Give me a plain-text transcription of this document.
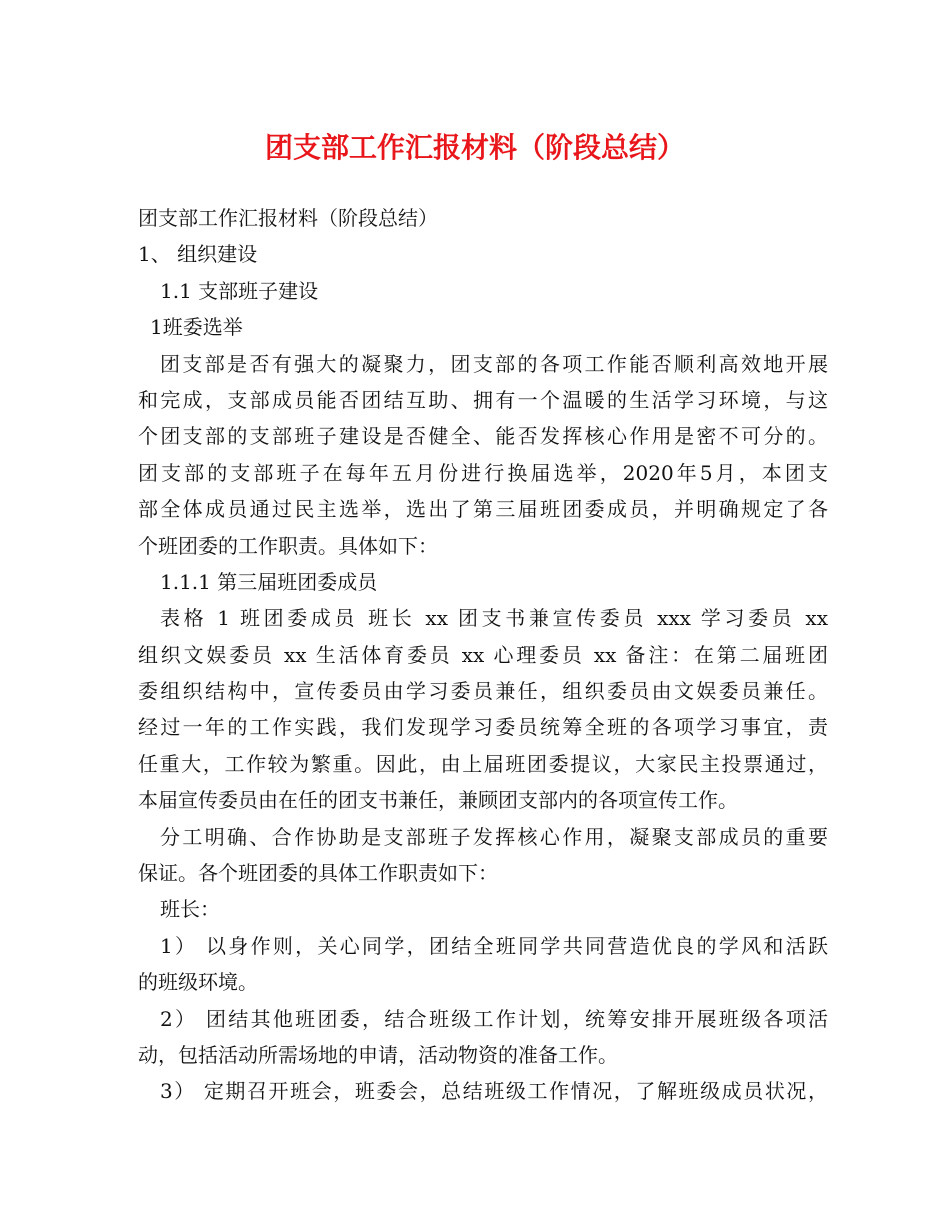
团支部工作汇报材料（阶段总结）

团支部工作汇报材料（阶段总结）

1、 组织建设

1.1 支部班子建设

1班委选举

团支部是否有强大的凝聚力，团支部的各项工作能否顺利高效地开展

和完成，支部成员能否团结互助、拥有一个温暖的生活学习环境，与这

个团支部的支部班子建设是否健全、能否发挥核心作用是密不可分的。

团支部的支部班子在每年五月份进行换届选举，2020年5月，本团支

部全体成员通过民主选举，选出了第三届班团委成员，并明确规定了各

个班团委的工作职责。具体如下：

1.1.1 第三届班团委成员

表格 1 班团委成员 班长 xx 团支书兼宣传委员 xxx 学习委员 xx

组织文娱委员 xx 生活体育委员 xx 心理委员 xx 备注：在第二届班团

委组织结构中，宣传委员由学习委员兼任，组织委员由文娱委员兼任。

经过一年的工作实践，我们发现学习委员统筹全班的各项学习事宜，责

任重大，工作较为繁重。因此，由上届班团委提议，大家民主投票通过，

本届宣传委员由在任的团支书兼任，兼顾团支部内的各项宣传工作。

分工明确、合作协助是支部班子发挥核心作用，凝聚支部成员的重要

保证。各个班团委的具体工作职责如下：

班长：

1） 以身作则，关心同学，团结全班同学共同营造优良的学风和活跃

的班级环境。

2） 团结其他班团委，结合班级工作计划，统筹安排开展班级各项活

动，包括活动所需场地的申请，活动物资的准备工作。

3） 定期召开班会，班委会，总结班级工作情况，了解班级成员状况，
